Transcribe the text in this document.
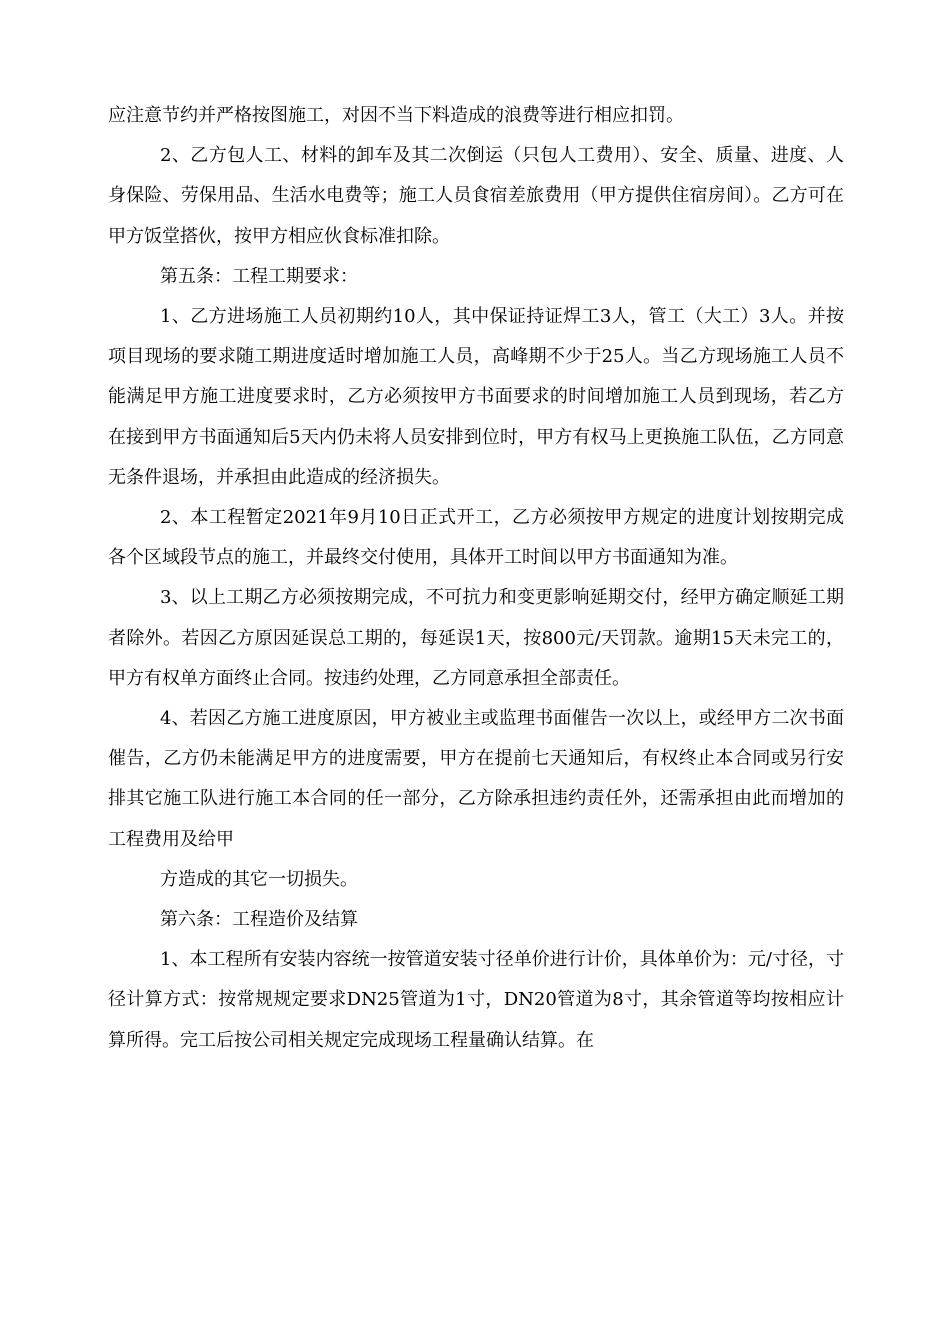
应注意节约并严格按图施工，对因不当下料造成的浪费等进行相应扣罚。

2、乙方包人工、材料的卸车及其二次倒运（只包人工费用）、安全、质量、进度、人身保险、劳保用品、生活水电费等；施工人员食宿差旅费用（甲方提供住宿房间）。乙方可在甲方饭堂搭伙，按甲方相应伙食标准扣除。

第五条：工程工期要求：

1、乙方进场施工人员初期约10人，其中保证持证焊工3人，管工（大工）3人。并按项目现场的要求随工期进度适时增加施工人员，高峰期不少于25人。当乙方现场施工人员不能满足甲方施工进度要求时，乙方必须按甲方书面要求的时间增加施工人员到现场，若乙方在接到甲方书面通知后5天内仍未将人员安排到位时，甲方有权马上更换施工队伍，乙方同意无条件退场，并承担由此造成的经济损失。

2、本工程暂定2021年9月10日正式开工，乙方必须按甲方规定的进度计划按期完成各个区域段节点的施工，并最终交付使用，具体开工时间以甲方书面通知为准。

3、以上工期乙方必须按期完成，不可抗力和变更影响延期交付，经甲方确定顺延工期者除外。若因乙方原因延误总工期的，每延误1天，按800元/天罚款。逾期15天未完工的，甲方有权单方面终止合同。按违约处理，乙方同意承担全部责任。

4、若因乙方施工进度原因，甲方被业主或监理书面催告一次以上，或经甲方二次书面催告，乙方仍未能满足甲方的进度需要，甲方在提前七天通知后，有权终止本合同或另行安排其它施工队进行施工本合同的任一部分，乙方除承担违约责任外，还需承担由此而增加的工程费用及给甲

方造成的其它一切损失。

第六条：工程造价及结算

1、本工程所有安装内容统一按管道安装寸径单价进行计价，具体单价为：元/寸径，寸径计算方式：按常规规定要求DN25管道为1寸，DN20管道为8寸，其余管道等均按相应计算所得。完工后按公司相关规定完成现场工程量确认结算。在
